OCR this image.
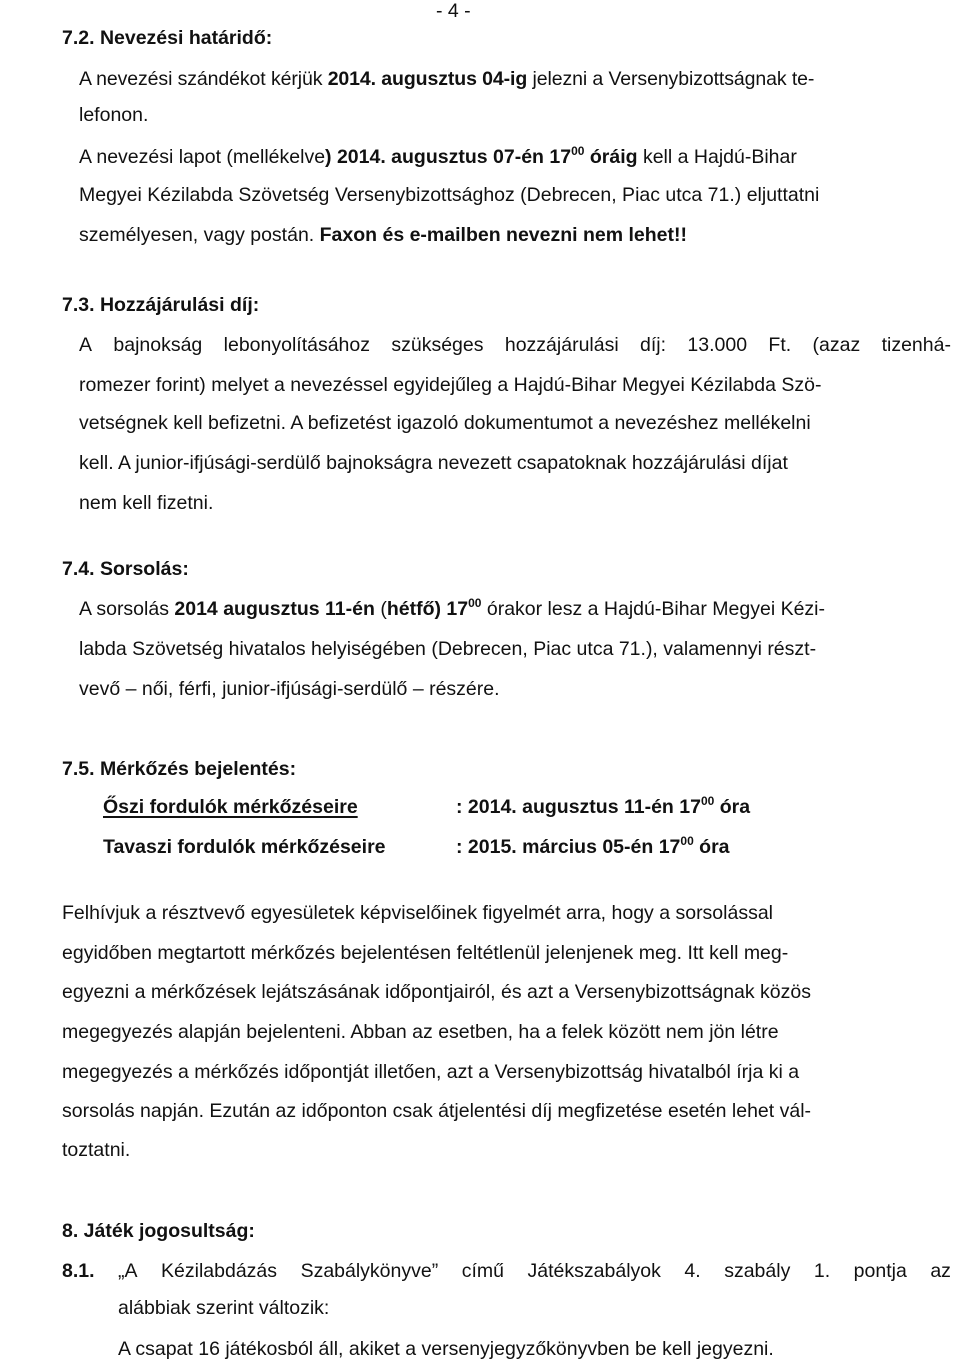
- 4 -
7.2. Nevezési határidő:
A nevezési szándékot kérjük 2014. augusztus 04-ig jelezni a Versenybizottságnak te-
lefonon.
A nevezési lapot (mellékelve) 2014. augusztus 07-én $17^{00}$ óráig kell a Hajdú-Bihar
Megyei Kézilabda Szövetség Versenybizottsághoz (Debrecen, Piac utca 71.) eljuttatni
személyesen, vagy postán. Faxon és e-mailben nevezni nem lehet!!
7.3. Hozzájárulási díj:
A bajnokság lebonyolításához szükséges hozzájárulási díj: 13.000 Ft. (azaz tizenhá-
romezer forint) melyet a nevezéssel egyidejűleg a Hajdú-Bihar Megyei Kézilabda Szö-
vetségnek kell befizetni. A befizetést igazoló dokumentumot a nevezéshez mellékelni
kell. A junior-ifjúsági-serdülő bajnokságra nevezett csapatoknak hozzájárulási díjat
nem kell fizetni.
7.4. Sorsolás:
A sorsolás 2014 augusztus 11-én (hétfő) $17^{00}$ órakor lesz a Hajdú-Bihar Megyei Kézi-
labda Szövetség hivatalos helyiségében (Debrecen, Piac utca 71.), valamennyi részt-
vevő – női, férfi, junior-ifjúsági-serdülő – részére.
7.5. Mérkőzés bejelentés:
Őszi fordulók mérkőzéseire	: 2014. augusztus 11-én $17^{00}$ óra
Tavaszi fordulók mérkőzéseire	: 2015. március 05-én $17^{00}$ óra
Felhívjuk a résztvevő egyesületek képviselőinek figyelmét arra, hogy a sorsolással
egyidőben megtartott mérkőzés bejelentésen feltétlenül jelenjenek meg. Itt kell meg-
egyezni a mérkőzések lejátszásának időpontjairól, és azt a Versenybizottságnak közös
megegyezés alapján bejelenteni. Abban az esetben, ha a felek között nem jön létre
megegyezés a mérkőzés időpontját illetően, azt a Versenybizottság hivatalból írja ki a
sorsolás napján. Ezután az időponton csak átjelentési díj megfizetése esetén lehet vál-
toztatni.
8. Játék jogosultság:
8.1. „A Kézilabdázás Szabálykönyve” című Játékszabályok 4. szabály 1. pontja az
alábbiak szerint változik:
A csapat 16 játékosból áll, akiket a versenyjegyzőkönyvben be kell jegyezni.
